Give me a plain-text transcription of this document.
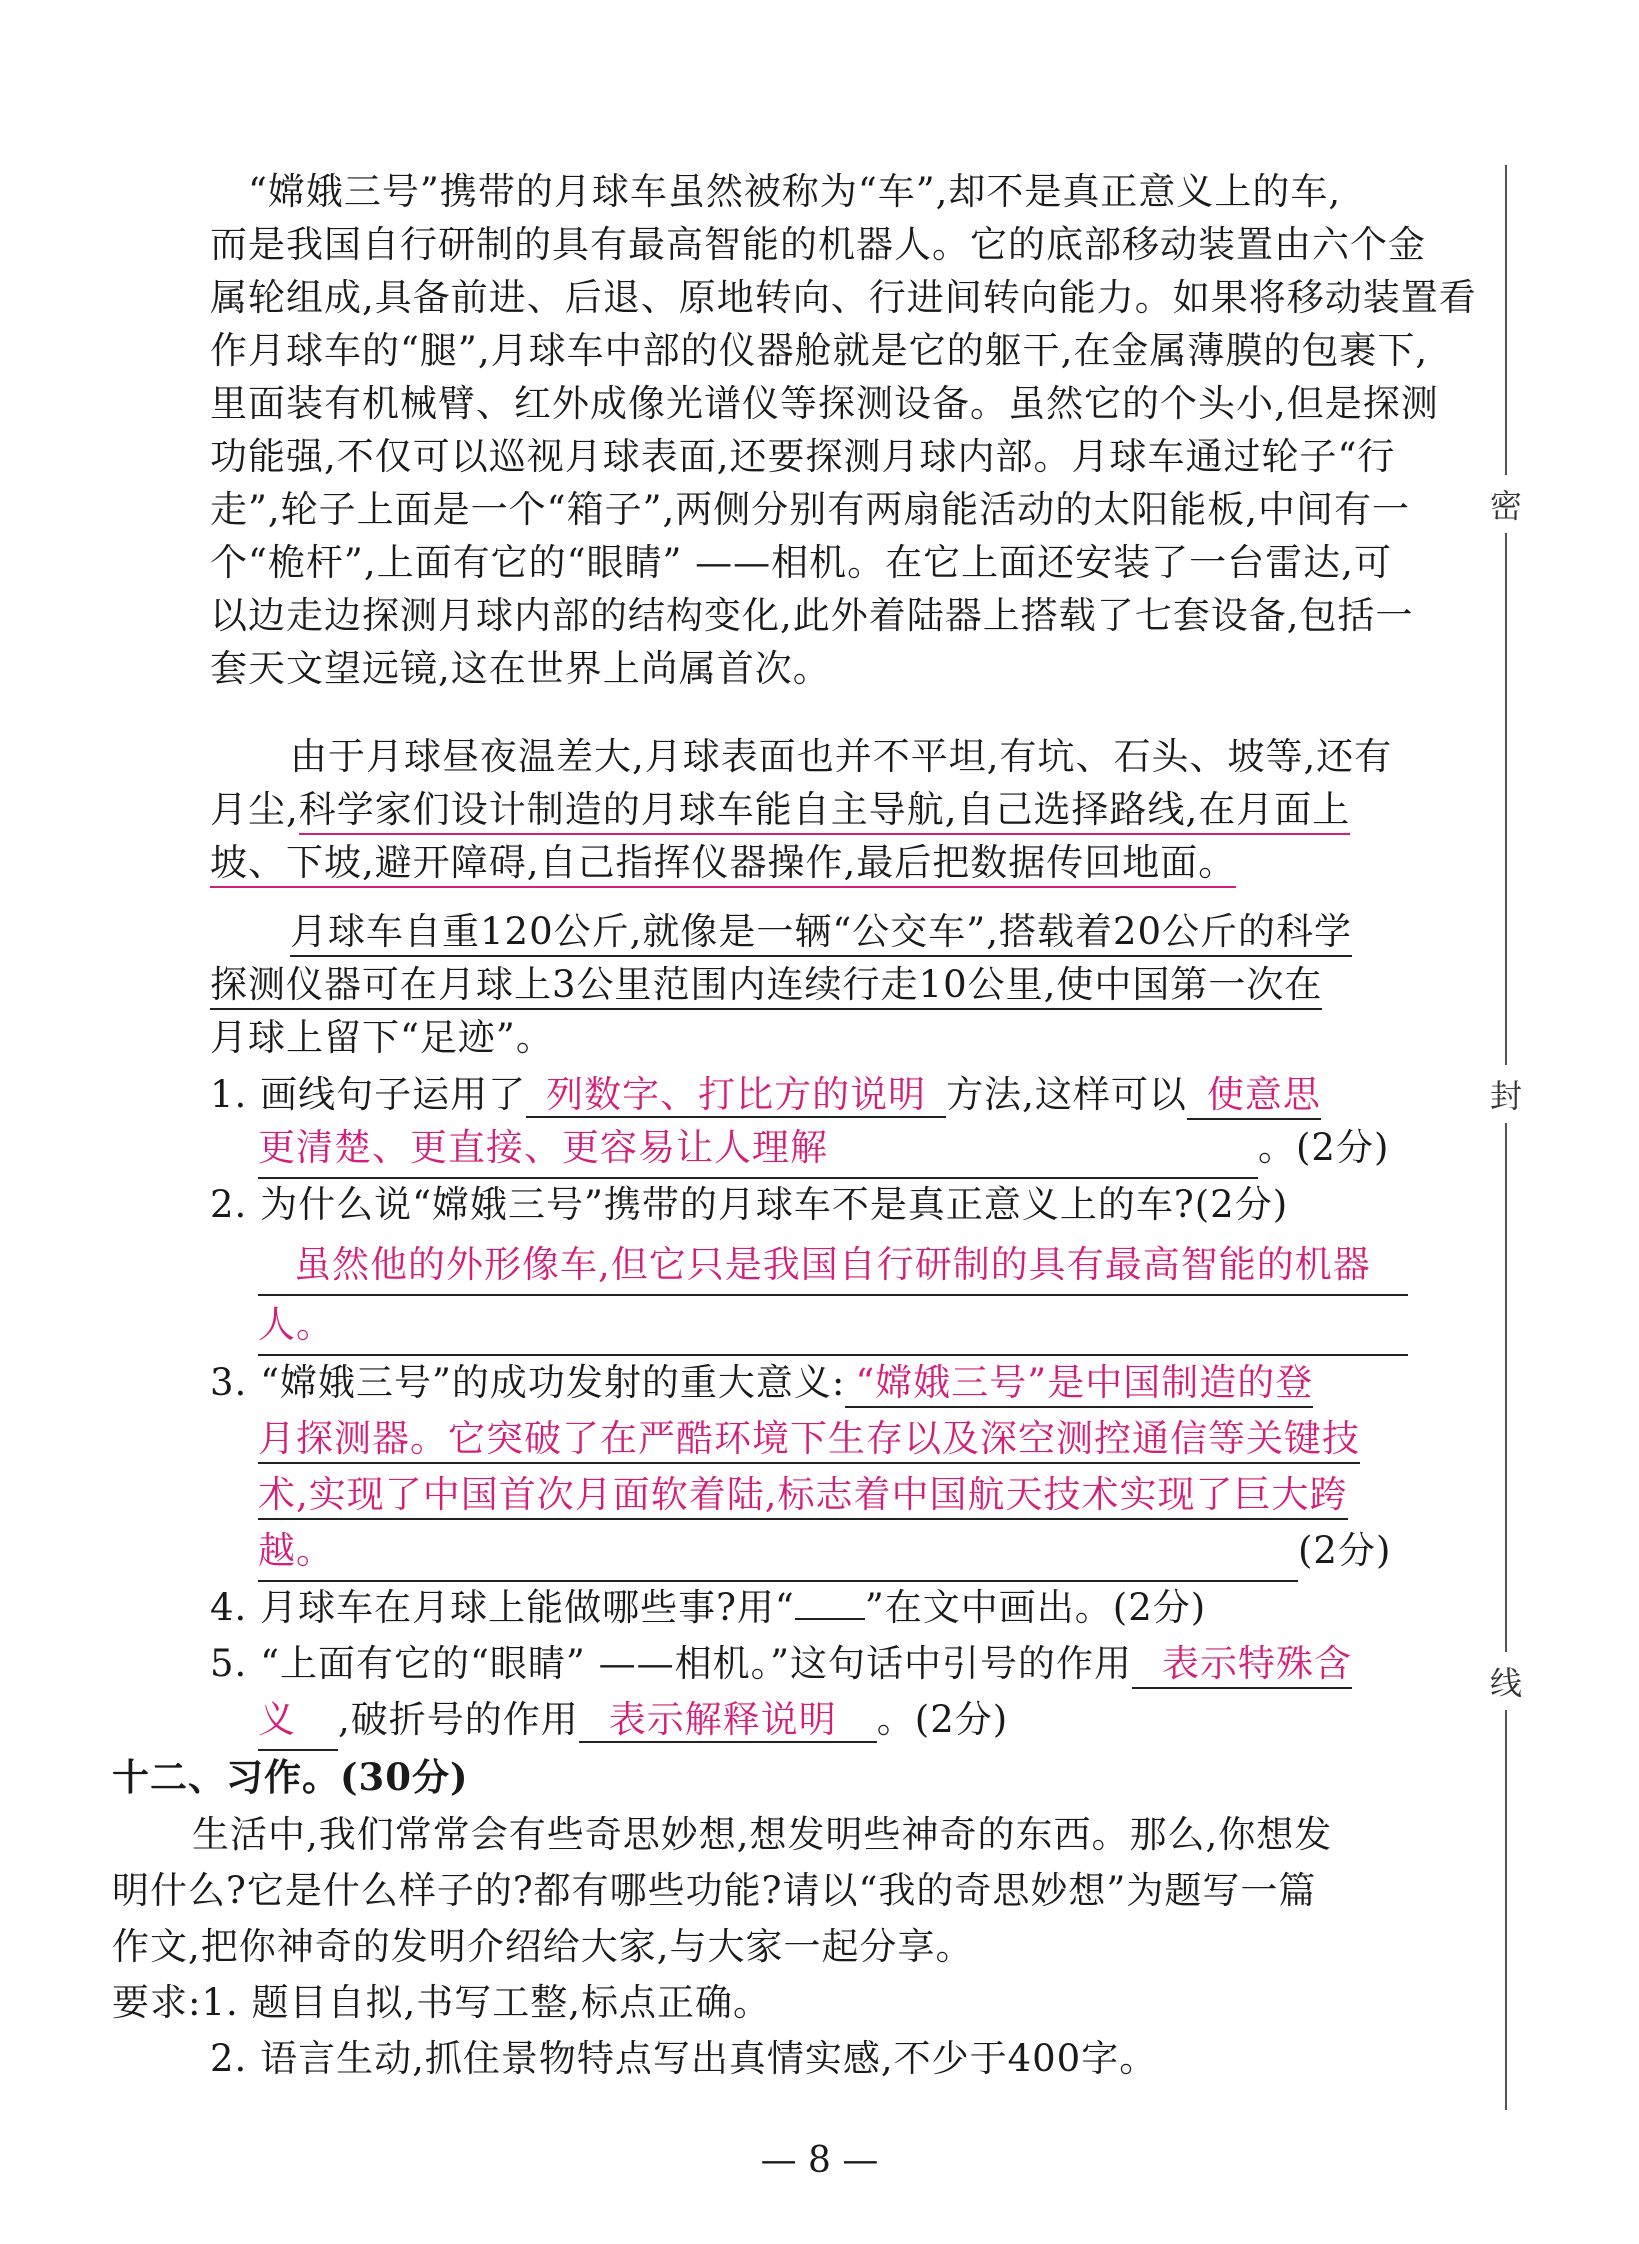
密
封
线
“嫦娥三号”携带的月球车虽然被称为“车”,却不是真正意义上的车,
而是我国自行研制的具有最高智能的机器人。它的底部移动装置由六个金
属轮组成,具备前进、后退、原地转向、行进间转向能力。如果将移动装置看
作月球车的“腿”,月球车中部的仪器舱就是它的躯干,在金属薄膜的包裹下,
里面装有机械臂、红外成像光谱仪等探测设备。虽然它的个头小,但是探测
功能强,不仅可以巡视月球表面,还要探测月球内部。月球车通过轮子“行
走”,轮子上面是一个“箱子”,两侧分别有两扇能活动的太阳能板,中间有一
个“桅杆”,上面有它的“眼睛” ——相机。在它上面还安装了一台雷达,可
以边走边探测月球内部的结构变化,此外着陆器上搭载了七套设备,包括一
套天文望远镜,这在世界上尚属首次。
由于月球昼夜温差大,月球表面也并不平坦,有坑、石头、坡等,还有
月尘,科学家们设计制造的月球车能自主导航,自己选择路线,在月面上
坡、下坡,避开障碍,自己指挥仪器操作,最后把数据传回地面。
月球车自重120公斤,就像是一辆“公交车”,搭载着20公斤的科学
探测仪器可在月球上3公里范围内连续行走10公里,使中国第一次在
月球上留下“足迹”。
1. 画线句子运用了 列数字、打比方的说明 方法,这样可以 使意思
更清楚、更直接、更容易让人理解	。(2分)
2. 为什么说“嫦娥三号”携带的月球车不是真正意义上的车?(2分)
虽然他的外形像车,但它只是我国自行研制的具有最高智能的机器
人。
3. “嫦娥三号”的成功发射的重大意义: “嫦娥三号”是中国制造的登
月探测器。它突破了在严酷环境下生存以及深空测控通信等关键技
术,实现了中国首次月面软着陆,标志着中国航天技术实现了巨大跨
越。	(2分)
4. 月球车在月球上能做哪些事?用“ ”在文中画出。(2分)
5. “上面有它的“眼睛” ——相机。”这句话中引号的作用 表示特殊含
义 ,破折号的作用 表示解释说明 。(2分)
十二、习作。(30分)
生活中,我们常常会有些奇思妙想,想发明些神奇的东西。那么,你想发
明什么?它是什么样子的?都有哪些功能?请以“我的奇思妙想”为题写一篇
作文,把你神奇的发明介绍给大家,与大家一起分享。
要求:1. 题目自拟,书写工整,标点正确。
2. 语言生动,抓住景物特点写出真情实感,不少于400字。
— 8 —
